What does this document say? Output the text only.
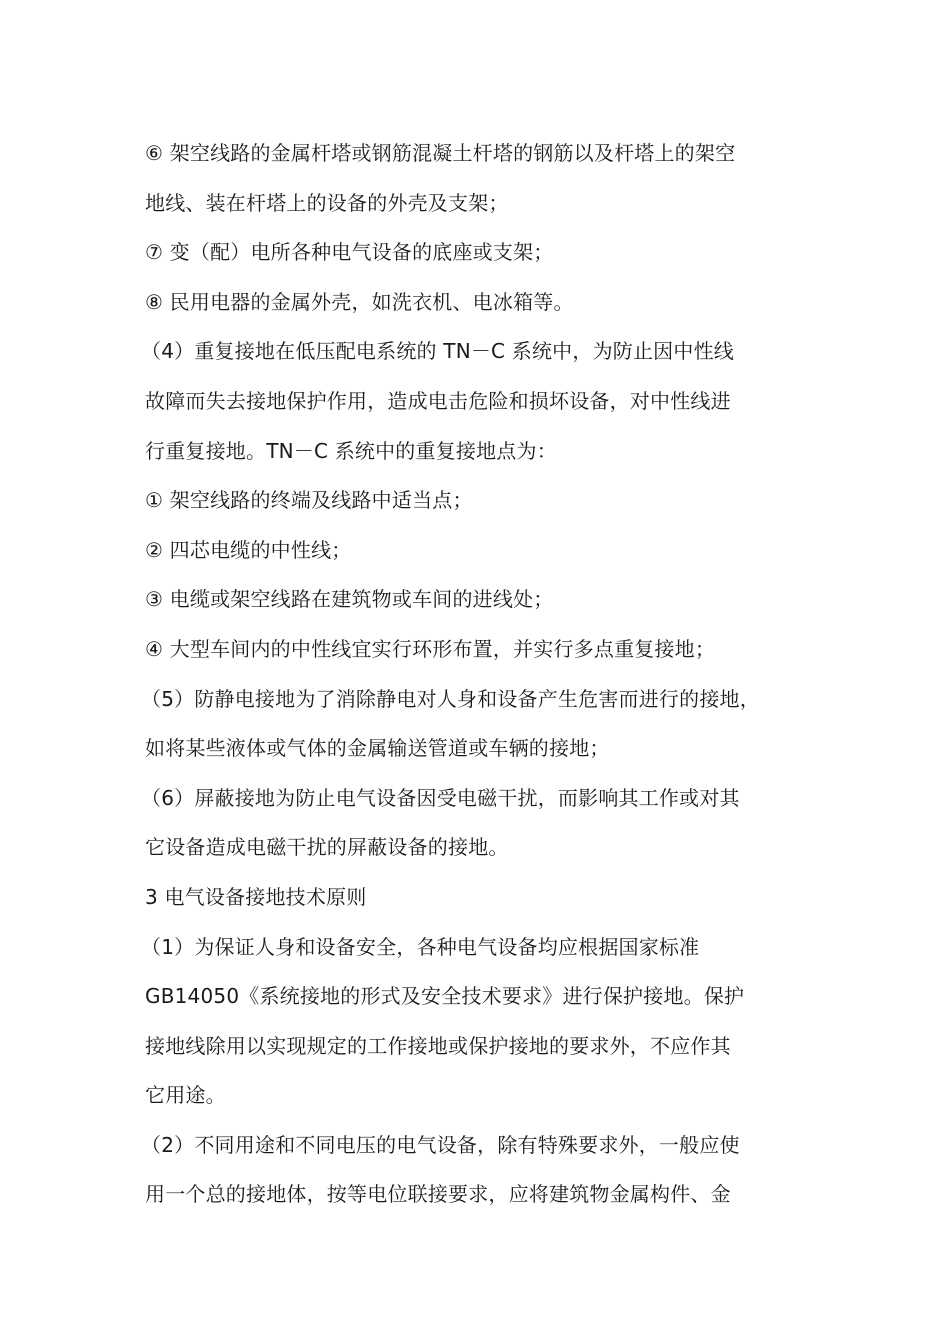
⑥ 架空线路的金属杆塔或钢筋混凝土杆塔的钢筋以及杆塔上的架空
地线、装在杆塔上的设备的外壳及支架；
⑦ 变（配）电所各种电气设备的底座或支架；
⑧ 民用电器的金属外壳，如洗衣机、电冰箱等。
（4）重复接地在低压配电系统的 TN－C 系统中，为防止因中性线
故障而失去接地保护作用，造成电击危险和损坏设备，对中性线进
行重复接地。TN－C 系统中的重复接地点为：
① 架空线路的终端及线路中适当点；
② 四芯电缆的中性线；
③ 电缆或架空线路在建筑物或车间的进线处；
④ 大型车间内的中性线宜实行环形布置，并实行多点重复接地；
（5）防静电接地为了消除静电对人身和设备产生危害而进行的接地，
如将某些液体或气体的金属输送管道或车辆的接地；
（6）屏蔽接地为防止电气设备因受电磁干扰，而影响其工作或对其
它设备造成电磁干扰的屏蔽设备的接地。
3 电气设备接地技术原则
（1）为保证人身和设备安全，各种电气设备均应根据国家标准
GB14050《系统接地的形式及安全技术要求》进行保护接地。保护
接地线除用以实现规定的工作接地或保护接地的要求外，不应作其
它用途。
（2）不同用途和不同电压的电气设备，除有特殊要求外，一般应使
用一个总的接地体，按等电位联接要求，应将建筑物金属构件、金
